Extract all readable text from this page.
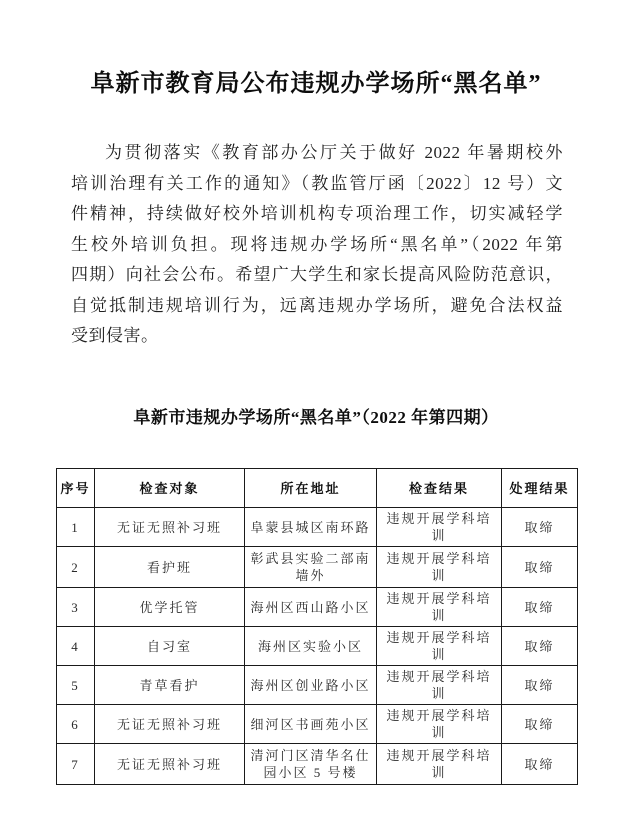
阜新市教育局公布违规办学场所“黑名单”
为贯彻落实《教育部办公厅关于做好 2022 年暑期校外
培训治理有关工作的通知》（教监管厅函〔2022〕12 号）文
件精神，持续做好校外培训机构专项治理工作，切实减轻学
生校外培训负担。现将违规办学场所“黑名单”（2022 年第
四期）向社会公布。希望广大学生和家长提高风险防范意识，
自觉抵制违规培训行为，远离违规办学场所，避免合法权益
受到侵害。
阜新市违规办学场所“黑名单”（2022 年第四期）
序号	检查对象	所在地址	检查结果	处理结果
1	无证无照补习班	阜蒙县城区南环路	违规开展学科培训	取缔
2	看护班	彰武县实验二部南墙外	违规开展学科培训	取缔
3	优学托管	海州区西山路小区	违规开展学科培训	取缔
4	自习室	海州区实验小区	违规开展学科培训	取缔
5	青草看护	海州区创业路小区	违规开展学科培训	取缔
6	无证无照补习班	细河区书画苑小区	违规开展学科培训	取缔
7	无证无照补习班	清河门区清华名仕园小区 5 号楼	违规开展学科培训	取缔
